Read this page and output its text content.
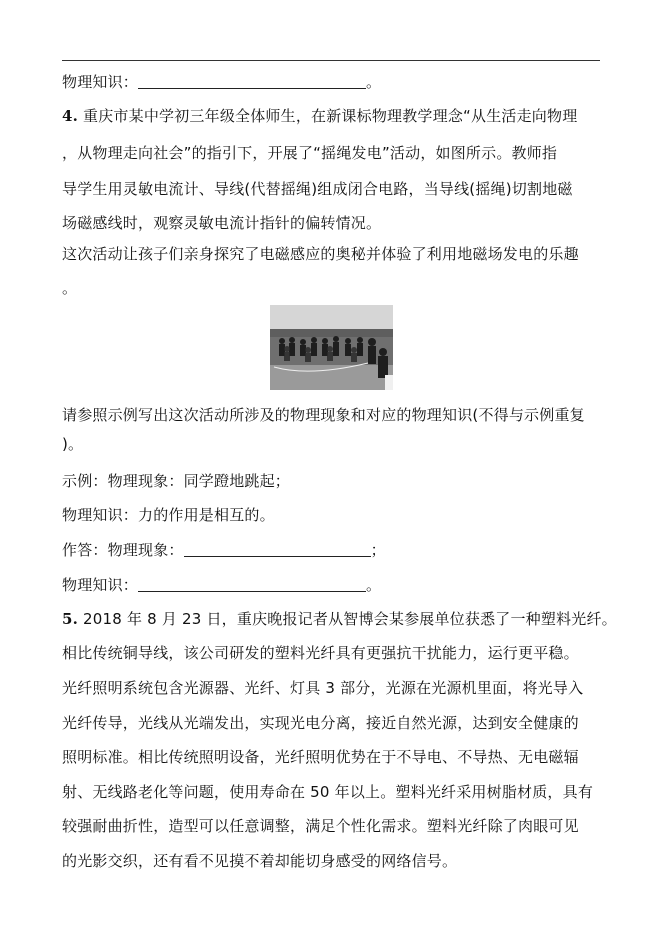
物理知识：	。
4. 重庆市某中学初三年级全体师生，在新课标物理教学理念“从生活走向物理
，从物理走向社会”的指引下，开展了“摇绳发电”活动，如图所示。教师指
导学生用灵敏电流计、导线(代替摇绳)组成闭合电路，当导线(摇绳)切割地磁
场磁感线时，观察灵敏电流计指针的偏转情况。
这次活动让孩子们亲身探究了电磁感应的奥秘并体验了利用地磁场发电的乐趣
。
请参照示例写出这次活动所涉及的物理现象和对应的物理知识(不得与示例重复
)。
示例：物理现象：同学蹬地跳起；
物理知识：力的作用是相互的。
作答：物理现象：	；
物理知识：	。
5. 2018 年 8 月 23 日，重庆晚报记者从智博会某参展单位获悉了一种塑料光纤。
相比传统铜导线，该公司研发的塑料光纤具有更强抗干扰能力，运行更平稳。
光纤照明系统包含光源器、光纤、灯具 3 部分，光源在光源机里面，将光导入
光纤传导，光线从光端发出，实现光电分离，接近自然光源，达到安全健康的
照明标准。相比传统照明设备，光纤照明优势在于不导电、不导热、无电磁辐
射、无线路老化等问题，使用寿命在 50 年以上。塑料光纤采用树脂材质，具有
较强耐曲折性，造型可以任意调整，满足个性化需求。塑料光纤除了肉眼可见
的光影交织，还有看不见摸不着却能切身感受的网络信号。
